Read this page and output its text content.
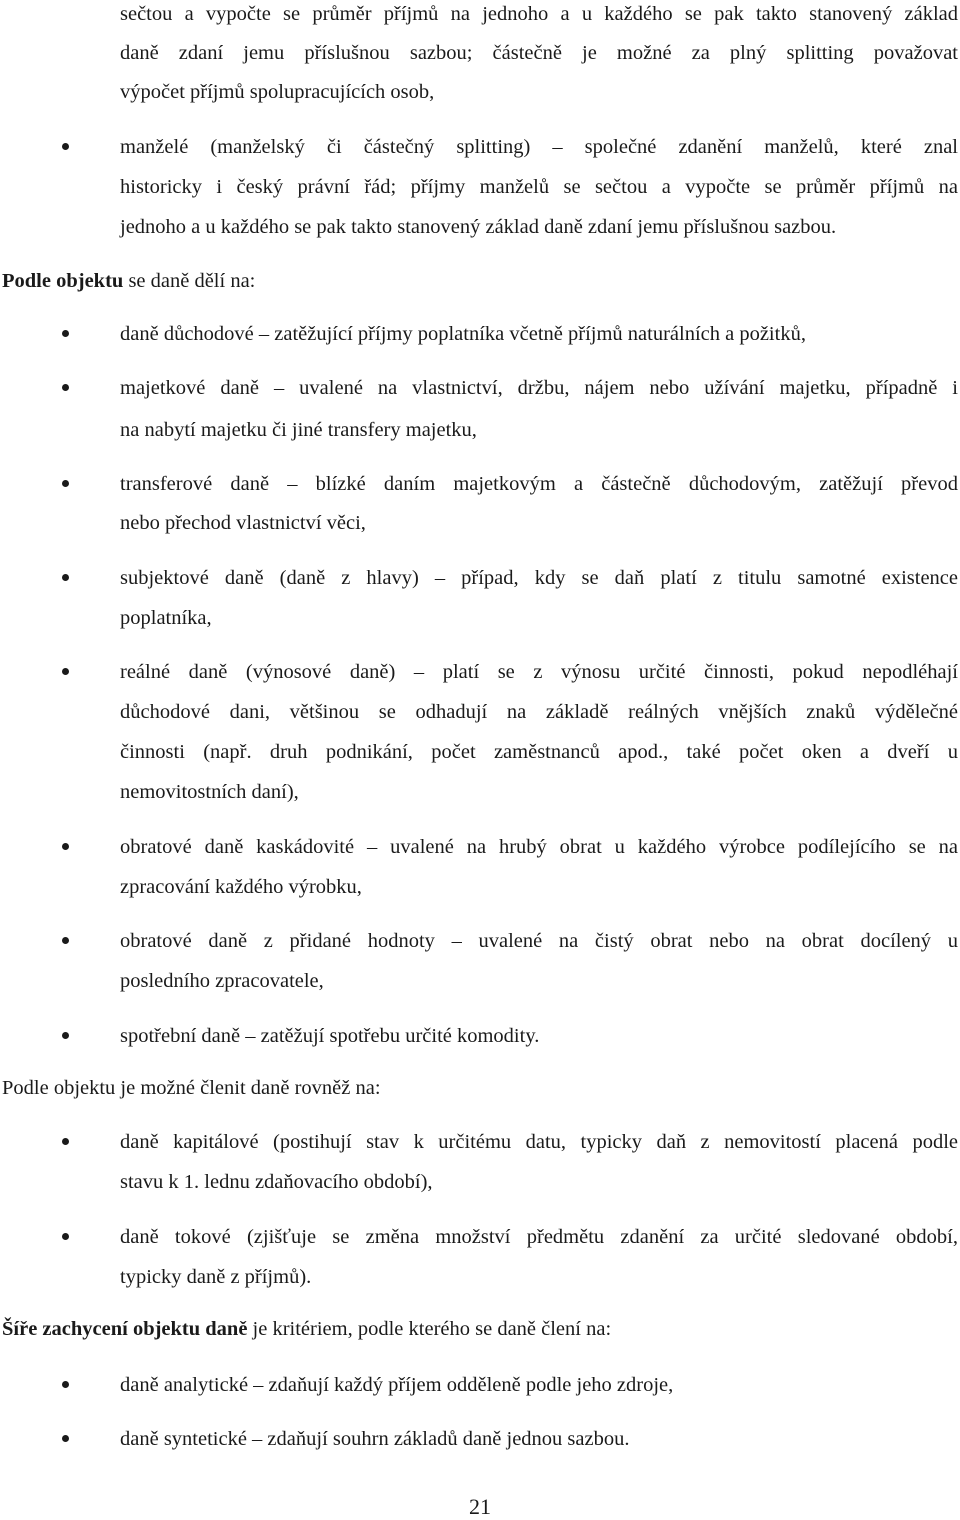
sečtou a vypočte se průměr příjmů na jednoho a u každého se pak takto stanovený základ
daně zdaní jemu příslušnou sazbou; částečně je možné za plný splitting považovat
výpočet příjmů spolupracujících osob,
manželé (manželský či částečný splitting) – společné zdanění manželů, které znal
historicky i český právní řád; příjmy manželů se sečtou a vypočte se průměr příjmů na
jednoho a u každého se pak takto stanovený základ daně zdaní jemu příslušnou sazbou.
Podle objektu se daně dělí na:
daně důchodové – zatěžující příjmy poplatníka včetně příjmů naturálních a požitků,
majetkové daně – uvalené na vlastnictví, držbu, nájem nebo užívání majetku, případně i
na nabytí majetku či jiné transfery majetku,
transferové daně – blízké daním majetkovým a částečně důchodovým, zatěžují převod
nebo přechod vlastnictví věci,
subjektové daně (daně z hlavy) – případ, kdy se daň platí z titulu samotné existence
poplatníka,
reálné daně (výnosové daně) – platí se z výnosu určité činnosti, pokud nepodléhají
důchodové dani, většinou se odhadují na základě reálných vnějších znaků výdělečné
činnosti (např. druh podnikání, počet zaměstnanců apod., také počet oken a dveří u
nemovitostních daní),
obratové daně kaskádovité – uvalené na hrubý obrat u každého výrobce podílejícího se na
zpracování každého výrobku,
obratové daně z přidané hodnoty – uvalené na čistý obrat nebo na obrat docílený u
posledního zpracovatele,
spotřební daně – zatěžují spotřebu určité komodity.
Podle objektu je možné členit daně rovněž na:
daně kapitálové (postihují stav k určitému datu, typicky daň z nemovitostí placená podle
stavu k 1. lednu zdaňovacího období),
daně tokové (zjišťuje se změna množství předmětu zdanění za určité sledované období,
typicky daně z příjmů).
Šíře zachycení objektu daně je kritériem, podle kterého se daně člení na:
daně analytické – zdaňují každý příjem odděleně podle jeho zdroje,
daně syntetické – zdaňují souhrn základů daně jednou sazbou.
21
